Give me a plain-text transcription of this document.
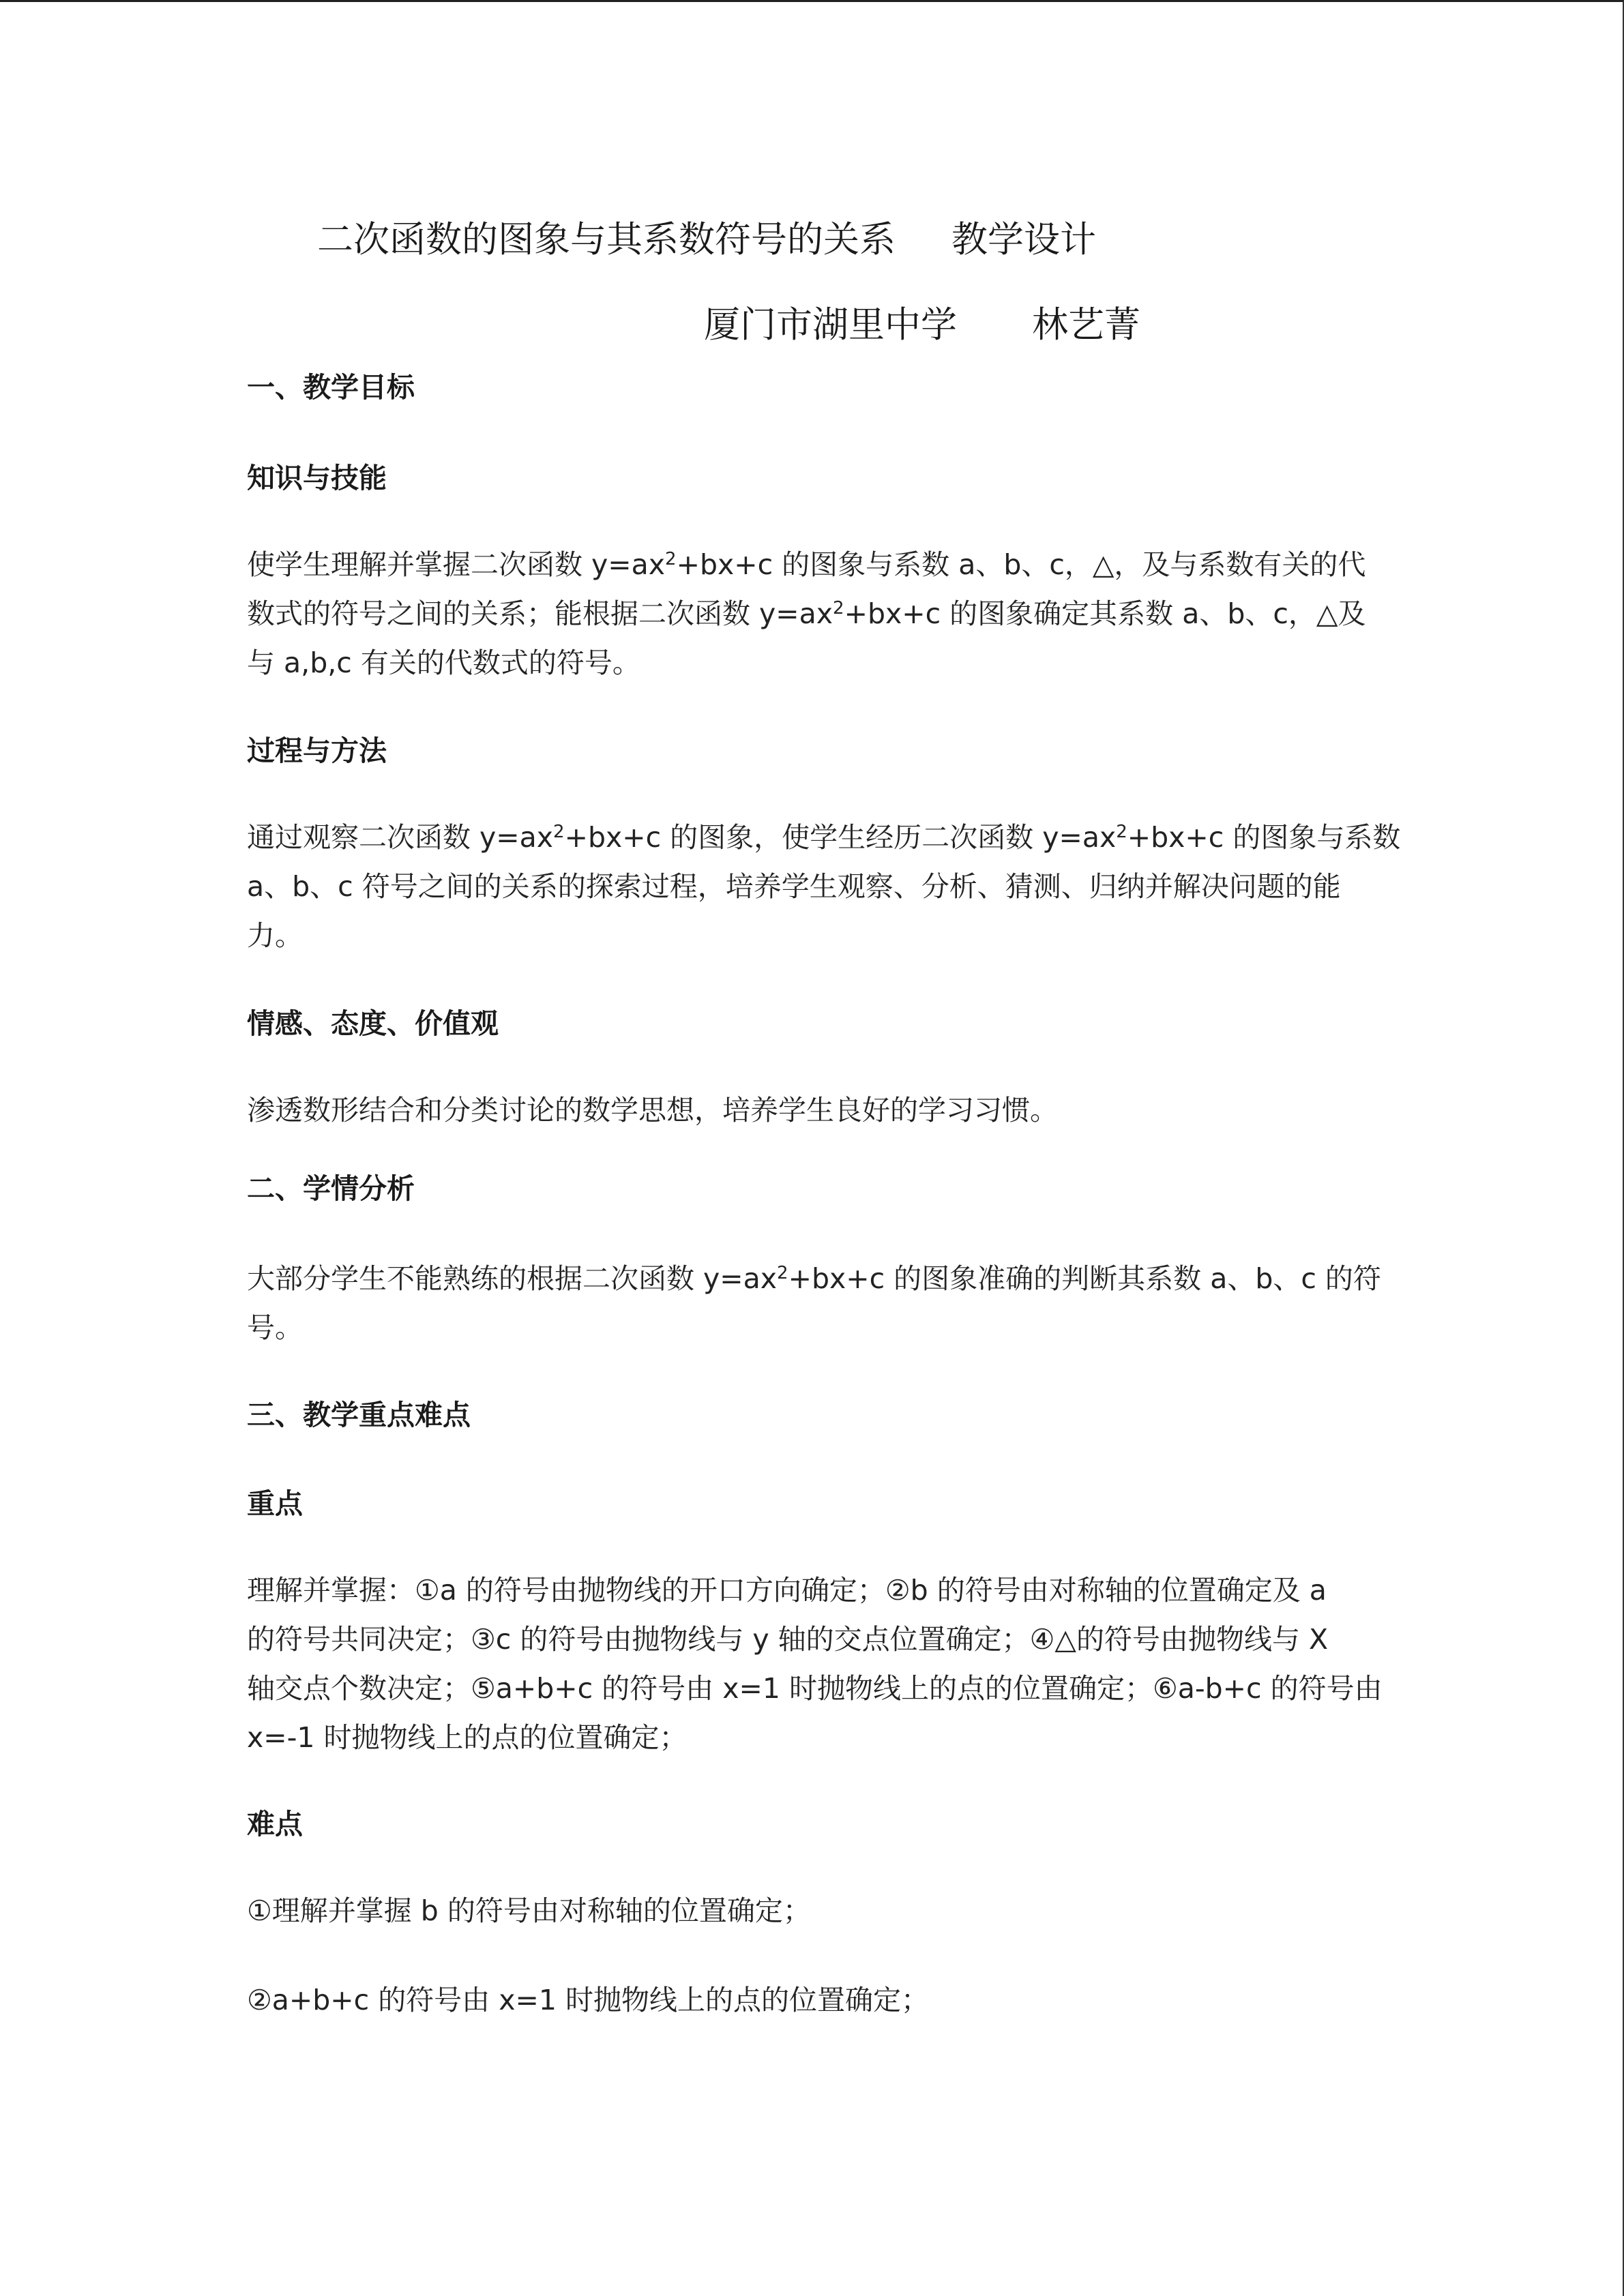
二次函数的图象与其系数符号的关系 教学设计
厦门市湖里中学 林艺菁
一、教学目标
知识与技能
使学生理解并掌握二次函数 $y=ax^2+bx+c$ 的图象与系数 a、b、c，△，及与系数有关的代
数式的符号之间的关系；能根据二次函数 $y=ax^2+bx+c$ 的图象确定其系数 a、b、c，△及
与 a,b,c 有关的代数式的符号。
过程与方法
通过观察二次函数 $y=ax^2+bx+c$ 的图象，使学生经历二次函数 $y=ax^2+bx+c$ 的图象与系数
a、b、c 符号之间的关系的探索过程，培养学生观察、分析、猜测、归纳并解决问题的能
力。
情感、态度、价值观
渗透数形结合和分类讨论的数学思想，培养学生良好的学习习惯。
二、学情分析
大部分学生不能熟练的根据二次函数 $y=ax^2+bx+c$ 的图象准确的判断其系数 a、b、c 的符
号。
三、教学重点难点
重点
理解并掌握：①a 的符号由抛物线的开口方向确定；②b 的符号由对称轴的位置确定及 a
的符号共同决定；③c 的符号由抛物线与 y 轴的交点位置确定；④△的符号由抛物线与 X
轴交点个数决定；⑤a+b+c 的符号由 x=1 时抛物线上的点的位置确定；⑥a-b+c 的符号由
x=-1 时抛物线上的点的位置确定；
难点
①理解并掌握 b 的符号由对称轴的位置确定；
②a+b+c 的符号由 x=1 时抛物线上的点的位置确定；
